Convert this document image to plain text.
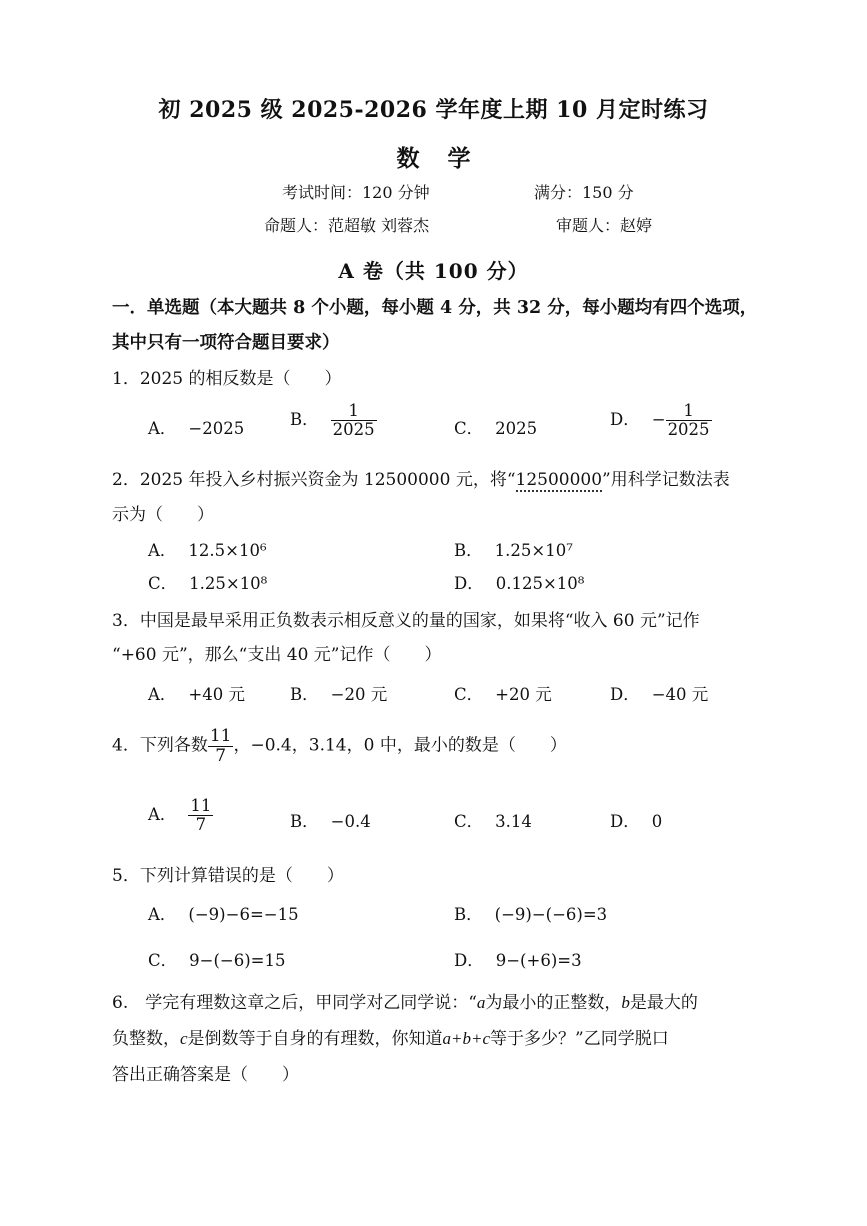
初 2025 级 2025-2026 学年度上期 10 月定时练习
数学
考试时间：120 分钟	满分：150 分
命题人：范超敏 刘蓉杰	审题人：赵婷
A 卷（共 100 分）
一．单选题（本大题共 8 个小题，每小题 4 分，共 32 分，每小题均有四个选项，
其中只有一项符合题目要求）
1．2025 的相反数是（　　）
A． −2025	B． $\frac{1}{2025}$	C． 2025	D． − $\frac{1}{2025}$
2．2025 年投入乡村振兴资金为 12500000 元，将“12500000”用科学记数法表
示为（　　）
A． 12.5×10⁶	B． 1.25×10⁷
C． 1.25×10⁸	D． 0.125×10⁸
3．中国是最早采用正负数表示相反意义的量的国家，如果将“收入 60 元”记作
“+60 元”，那么“支出 40 元”记作（　　）
A． +40 元	B． −20 元	C． +20 元	D． −40 元
4．下列各数 $\frac{11}{7}$ ，−0.4，3.14，0 中，最小的数是（　　）
A． $\frac{11}{7}$	B． −0.4	C． 3.14	D． 0
5．下列计算错误的是（　　）
A． (−9)−6=−15	B． (−9)−(−6)=3
C． 9−(−6)=15	D． 9−(+6)=3
6.　学完有理数这章之后，甲同学对乙同学说：“a为最小的正整数，b是最大的
负整数，c是倒数等于自身的有理数，你知道a+b+c等于多少？”乙同学脱口
答出正确答案是（　　）
